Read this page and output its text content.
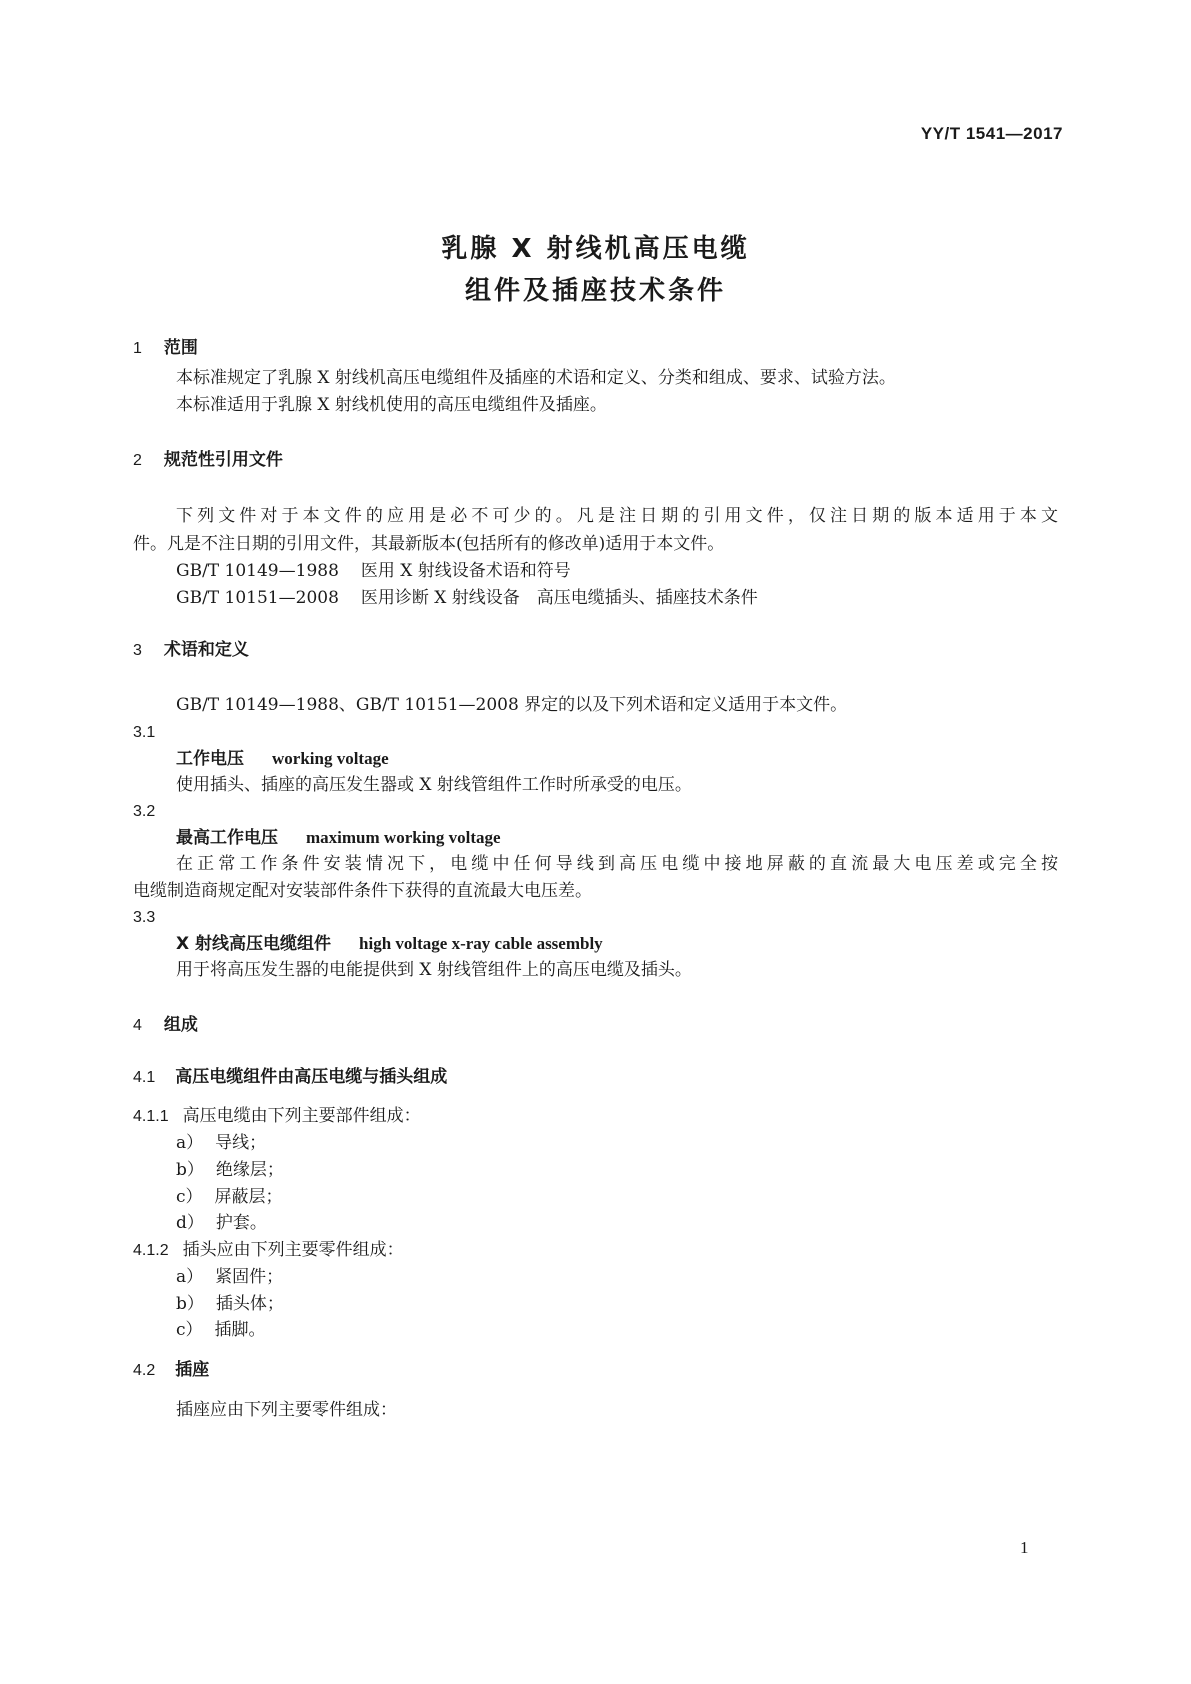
YY/T 1541—2017
乳腺 X 射线机高压电缆
组件及插座技术条件
1 范围
本标准规定了乳腺 X 射线机高压电缆组件及插座的术语和定义、分类和组成、要求、试验方法。
本标准适用于乳腺 X 射线机使用的高压电缆组件及插座。
2 规范性引用文件
下列文件对于本文件的应用是必不可少的。凡是注日期的引用文件，仅注日期的版本适用于本文
件。凡是不注日期的引用文件，其最新版本(包括所有的修改单)适用于本文件。
GB/T 10149—1988 医用 X 射线设备术语和符号
GB/T 10151—2008 医用诊断 X 射线设备　高压电缆插头、插座技术条件
3 术语和定义
GB/T 10149—1988、GB/T 10151—2008 界定的以及下列术语和定义适用于本文件。
3.1
工作电压 working voltage
使用插头、插座的高压发生器或 X 射线管组件工作时所承受的电压。
3.2
最高工作电压 maximum working voltage
在正常工作条件安装情况下，电缆中任何导线到高压电缆中接地屏蔽的直流最大电压差或完全按
电缆制造商规定配对安装部件条件下获得的直流最大电压差。
3.3
X 射线高压电缆组件 high voltage x-ray cable assembly
用于将高压发生器的电能提供到 X 射线管组件上的高压电缆及插头。
4 组成
4.1 高压电缆组件由高压电缆与插头组成
4.1.1 高压电缆由下列主要部件组成：
a） 导线；
b） 绝缘层；
c） 屏蔽层；
d） 护套。
4.1.2 插头应由下列主要零件组成：
a） 紧固件；
b） 插头体；
c） 插脚。
4.2 插座
插座应由下列主要零件组成：
1
